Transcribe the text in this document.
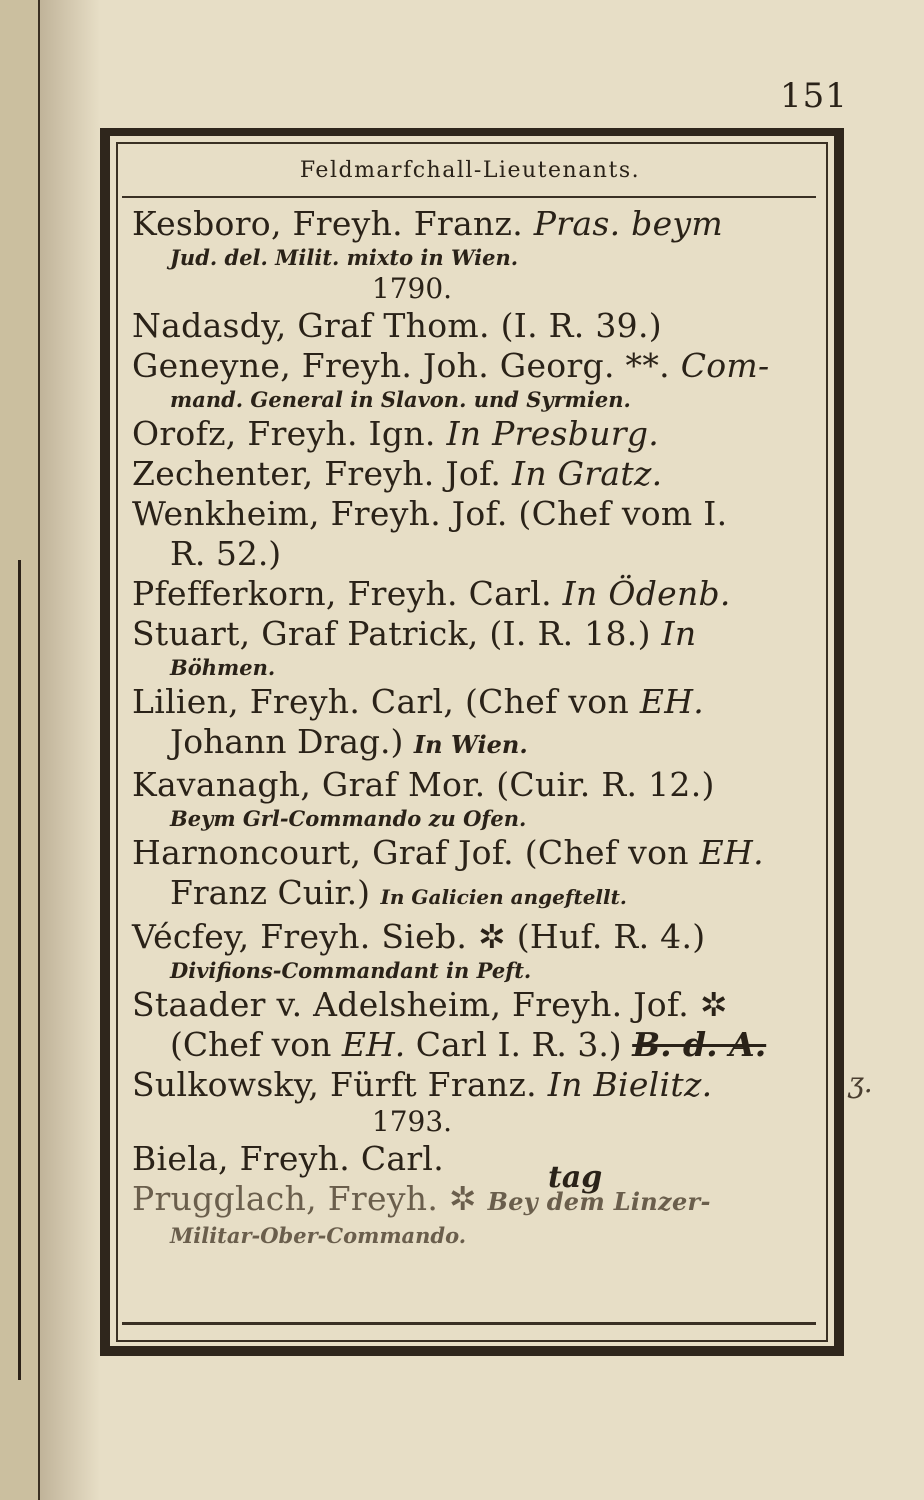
151
Feldmarfchall-Lieutenants.
Kesboro, Freyh. Franz. Pras. beym
Jud. del. Milit. mixto in Wien.
1790.
Nadasdy, Graf Thom. (I. R. 39.)
Geneyne, Freyh. Joh. Georg. **. Com-
mand. General in Slavon. und Syrmien.
Orofz, Freyh. Ign. In Presburg.
Zechenter, Freyh. Jof. In Gratz.
Wenkheim, Freyh. Jof. (Chef vom I.
R. 52.)
Pfefferkorn, Freyh. Carl. In Ödenb.
Stuart, Graf Patrick, (I. R. 18.) In
Böhmen.
Lilien, Freyh. Carl, (Chef von EH.
Johann Drag.) In Wien.
Kavanagh, Graf Mor. (Cuir. R. 12.)
Beym Grl-Commando zu Ofen.
Harnoncourt, Graf Jof. (Chef von EH.
Franz Cuir.) In Galicien angeftellt.
Vécfey, Freyh. Sieb. ✲ (Huf. R. 4.)
Divifions-Commandant in Peft.
Staader v. Adelsheim, Freyh. Jof. ✲
(Chef von EH. Carl I. R. 3.) B. d. A.
Sulkowsky, Fürft Franz. In Bielitz.
1793.
Biela, Freyh. Carl.
Prugglach, Freyh. ✲ Bey dem Linzer-
Militar-Ober-Commando.
tag
ʒ.
